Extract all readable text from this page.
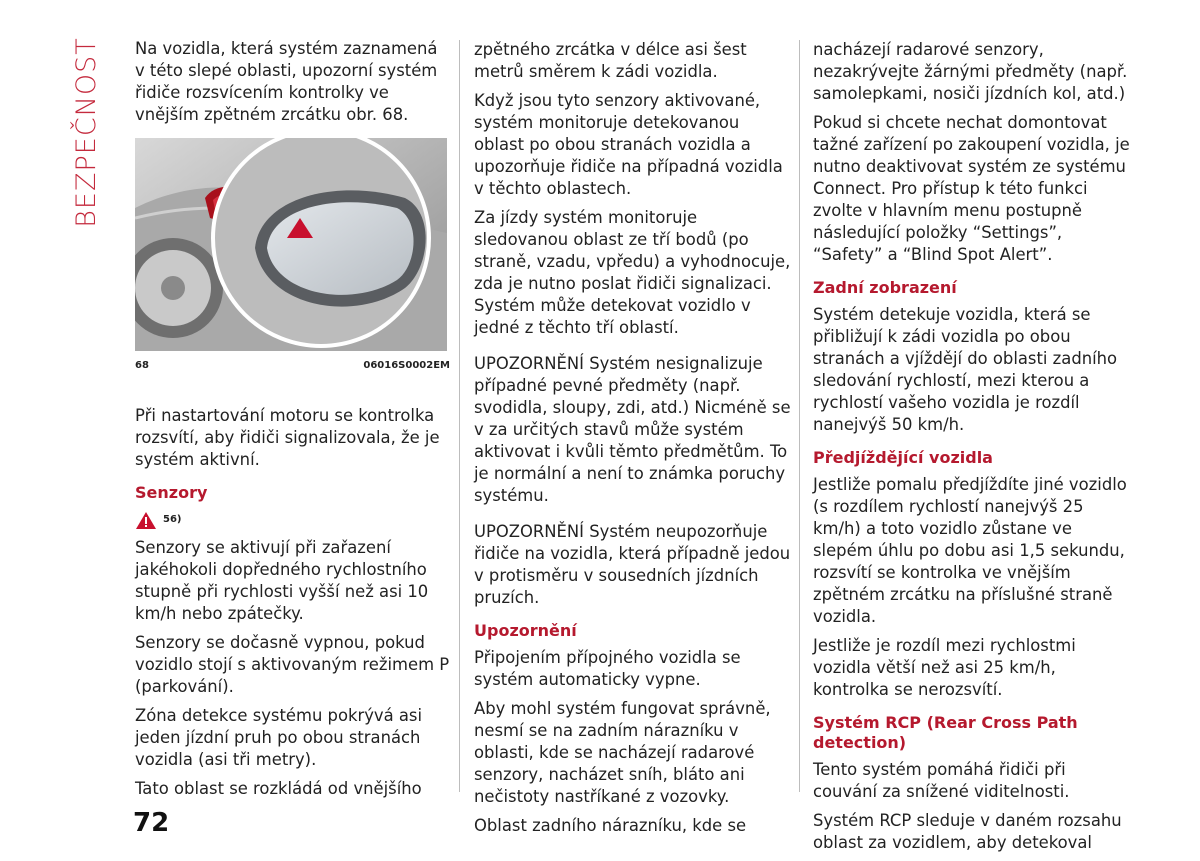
BEZPEČNOST Na vozidla, která systém zaznamená v této slepé oblasti, upozorní systém řidiče rozsvícením kontrolky ve vnějším zpětném zrcátku obr. 68.

68	06016S0002EM

Při nastartování motoru se kontrolka rozsvítí, aby řidiči signalizovala, že je systém aktivní.

Senzory
56)

Senzory se aktivují při zařazení jakéhokoli dopředného rychlostního stupně při rychlosti vyšší než asi 10 km/h nebo zpátečky.

Senzory se dočasně vypnou, pokud vozidlo stojí s aktivovaným režimem P (parkování).

Zóna detekce systému pokrývá asi jeden jízdní pruh po obou stranách vozidla (asi tři metry).

Tato oblast se rozkládá od vnějšího

zpětného zrcátka v délce asi šest metrů směrem k zádi vozidla.

Když jsou tyto senzory aktivované, systém monitoruje detekovanou oblast po obou stranách vozidla a upozorňuje řidiče na případná vozidla v těchto oblastech.

Za jízdy systém monitoruje sledovanou oblast ze tří bodů (po straně, vzadu, vpředu) a vyhodnocuje, zda je nutno poslat řidiči signalizaci. Systém může detekovat vozidlo v jedné z těchto tří oblastí.

UPOZORNĚNÍ Systém nesignalizuje případné pevné předměty (např. svodidla, sloupy, zdi, atd.) Nicméně se v za určitých stavů může systém aktivovat i kvůli těmto předmětům. To je normální a není to známka poruchy systému.

UPOZORNĚNÍ Systém neupozorňuje řidiče na vozidla, která případně jedou v protisměru v sousedních jízdních pruzích.

Upozornění

Připojením přípojného vozidla se systém automaticky vypne.

Aby mohl systém fungovat správně, nesmí se na zadním nárazníku v oblasti, kde se nacházejí radarové senzory, nacházet sníh, bláto ani nečistoty nastříkané z vozovky.

Oblast zadního nárazníku, kde se

nacházejí radarové senzory, nezakrývejte žárnými předměty (např. samolepkami, nosiči jízdních kol, atd.)

Pokud si chcete nechat domontovat tažné zařízení po zakoupení vozidla, je nutno deaktivovat systém ze systému Connect. Pro přístup k této funkci zvolte v hlavním menu postupně následující položky “Settings”, “Safety” a “Blind Spot Alert”.

Zadní zobrazení

Systém detekuje vozidla, která se přibližují k zádi vozidla po obou stranách a vjíždějí do oblasti zadního sledování rychlostí, mezi kterou a rychlostí vašeho vozidla je rozdíl nanejvýš 50 km/h.

Předjíždějící vozidla

Jestliže pomalu předjíždíte jiné vozidlo (s rozdílem rychlostí nanejvýš 25 km/h) a toto vozidlo zůstane ve slepém úhlu po dobu asi 1,5 sekundu, rozsvítí se kontrolka ve vnějším zpětném zrcátku na příslušné straně vozidla.

Jestliže je rozdíl mezi rychlostmi vozidla větší než asi 25 km/h, kontrolka se nerozsvítí.

Systém RCP (Rear Cross Path detection)

Tento systém pomáhá řidiči při couvání za snížené viditelnosti.

Systém RCP sleduje v daném rozsahu oblast za vozidlem, aby detekoval

72
